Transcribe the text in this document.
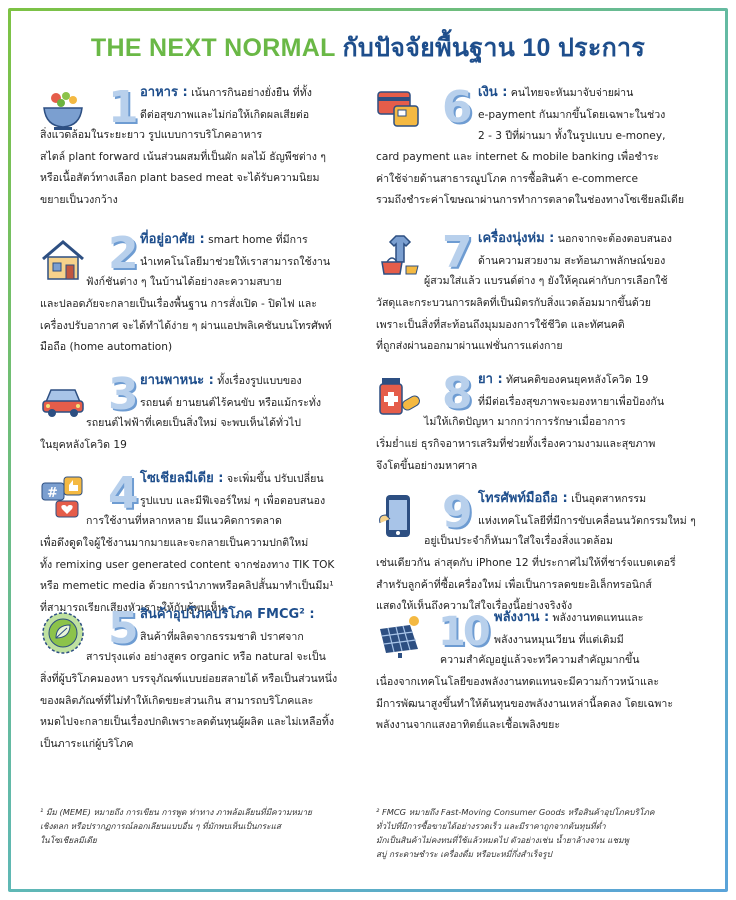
THE NEXT NORMAL กับปัจจัยพื้นฐาน 10 ประการ
1 อาหาร : เน้นการกินอย่างยั่งยืน ที่ทั้ง

ดีต่อสุขภาพและไม่ก่อให้เกิดผลเสียต่อ

สิ่งแวดล้อมในระยะยาว รูปแบบการบริโภคอาหาร

สไตล์ plant forward เน้นส่วนผสมที่เป็นผัก ผลไม้ ธัญพืชต่าง ๆ

หรือเนื้อสัตว์ทางเลือก plant based meat จะได้รับความนิยม

ขยายเป็นวงกว้าง

2 ที่อยู่อาศัย : smart home ที่มีการ

นำเทคโนโลยีมาช่วยให้เราสามารถใช้งาน

ฟังก์ชันต่าง ๆ ในบ้านได้อย่างละความสบาย

และปลอดภัยจะกลายเป็นเรื่องพื้นฐาน การสั่งเปิด - ปิดไฟ และ

เครื่องปรับอากาศ จะได้ทำได้ง่าย ๆ ผ่านแอปพลิเคชันบนโทรศัพท์

มือถือ (home automation)

3 ยานพาหนะ : ทั้งเรื่องรูปแบบของ

รถยนต์ ยานยนต์ไร้คนขับ หรือแม้กระทั่ง

รถยนต์ไฟฟ้าที่เคยเป็นสิ่งใหม่ จะพบเห็นได้ทั่วไป

ในยุคหลังโควิด 19

# 4 โซเชียลมีเดีย : จะเพิ่มขึ้น ปรับเปลี่ยน

รูปแบบ และมีฟีเจอร์ใหม่ ๆ เพื่อตอบสนอง

การใช้งานที่หลากหลาย มีแนวคิดการตลาด

เพื่อดึงดูดใจผู้ใช้งานมากมายและจะกลายเป็นความปกติใหม่

ทั้ง remixing user generated content จากช่องทาง TIK TOK

หรือ memetic media ด้วยการนำภาพหรือคลิปสั้นมาทำเป็นมีม¹

ที่สามารถเรียกเสียงหัวเราะให้กับผู้พบเห็น

5 สินค้าอุปโภคบริโภค FMCG² :

สินค้าที่ผลิตจากธรรมชาติ ปราศจาก

สารปรุงแต่ง อย่างสูตร organic หรือ natural จะเป็น

สิ่งที่ผู้บริโภคมองหา บรรจุภัณฑ์แบบย่อยสลายได้ หรือเป็นส่วนหนึ่ง

ของผลิตภัณฑ์ที่ไม่ทำให้เกิดขยะส่วนเกิน สามารถบริโภคและ

หมดไปจะกลายเป็นเรื่องปกติเพราะลดต้นทุนผู้ผลิต และไม่เหลือทิ้ง

เป็นภาระแก่ผู้บริโภค

6 เงิน : คนไทยจะหันมาจับจ่ายผ่าน

e-payment กันมากขึ้นโดยเฉพาะในช่วง

2 - 3 ปีที่ผ่านมา ทั้งในรูปแบบ e-money,

card payment และ internet & mobile banking เพื่อชำระ

ค่าใช้จ่ายด้านสาธารณูปโภค การซื้อสินค้า e-commerce

รวมถึงชำระค่าโฆษณาผ่านการทำการตลาดในช่องทางโซเชียลมีเดีย

7 เครื่องนุ่งห่ม : นอกจากจะต้องตอบสนอง

ด้านความสวยงาม สะท้อนภาพลักษณ์ของ

ผู้สวมใส่แล้ว แบรนด์ต่าง ๆ ยังให้คุณค่ากับการเลือกใช้

วัสดุและกระบวนการผลิตที่เป็นมิตรกับสิ่งแวดล้อมมากขึ้นด้วย

เพราะเป็นสิ่งที่สะท้อนถึงมุมมองการใช้ชีวิต และทัศนคติ

ที่ถูกส่งผ่านออกมาผ่านแฟชั่นการแต่งกาย

8 ยา : ทัศนคติของคนยุคหลังโควิด 19

ที่มีต่อเรื่องสุขภาพจะมองหายาเพื่อป้องกัน

ไม่ให้เกิดปัญหา มากกว่าการรักษาเมื่ออาการ

เริ่มย่ำแย่ ธุรกิจอาหารเสริมที่ช่วยทั้งเรื่องความงามและสุขภาพ

จึงโตขึ้นอย่างมหาศาล

9 โทรศัพท์มือถือ : เป็นอุตสาหกรรม

แห่งเทคโนโลยีที่มีการขับเคลื่อนนวัตกรรมใหม่ ๆ

อยู่เป็นประจำก็หันมาใส่ใจเรื่องสิ่งแวดล้อม

เช่นเดียวกัน ล่าสุดกับ iPhone 12 ที่ประกาศไม่ให้ที่ชาร์จแบตเตอรี่

สำหรับลูกค้าที่ซื้อเครื่องใหม่ เพื่อเป็นการลดขยะอิเล็กทรอนิกส์

แสดงให้เห็นถึงความใส่ใจเรื่องนี้อย่างจริงจัง

10 พลังงาน : พลังงานทดแทนและ

พลังงานหมุนเวียน ที่แต่เดิมมี

ความสำคัญอยู่แล้วจะทวีความสำคัญมากขึ้น

เนื่องจากเทคโนโลยีของพลังงานทดแทนจะมีความก้าวหน้าและ

มีการพัฒนาสูงขึ้นทำให้ต้นทุนของพลังงานเหล่านี้ลดลง โดยเฉพาะ

พลังงานจากแสงอาทิตย์และเชื้อเพลิงขยะ

¹ มีม (MEME) หมายถึง การเขียน การพูด ท่าทาง ภาพล้อเลียนที่มีความหมาย

เชิงตลก หรือปรากฏการณ์ลอกเลียนแบบอื่น ๆ ที่มักพบเห็นเป็นกระแส

ในโซเชียลมีเดีย

² FMCG หมายถึง Fast-Moving Consumer Goods หรือสินค้าอุปโภคบริโภค

ทั่วไปที่มีการซื้อขายได้อย่างรวดเร็ว และมีราคาถูกจากต้นทุนที่ต่ำ

มักเป็นสินค้าไม่คงทนที่ใช้แล้วหมดไป ตัวอย่างเช่น น้ำยาล้างจาน แชมพู

สบู่ กระดาษชำระ เครื่องดื่ม หรือบะหมี่กึ่งสำเร็จรูป
